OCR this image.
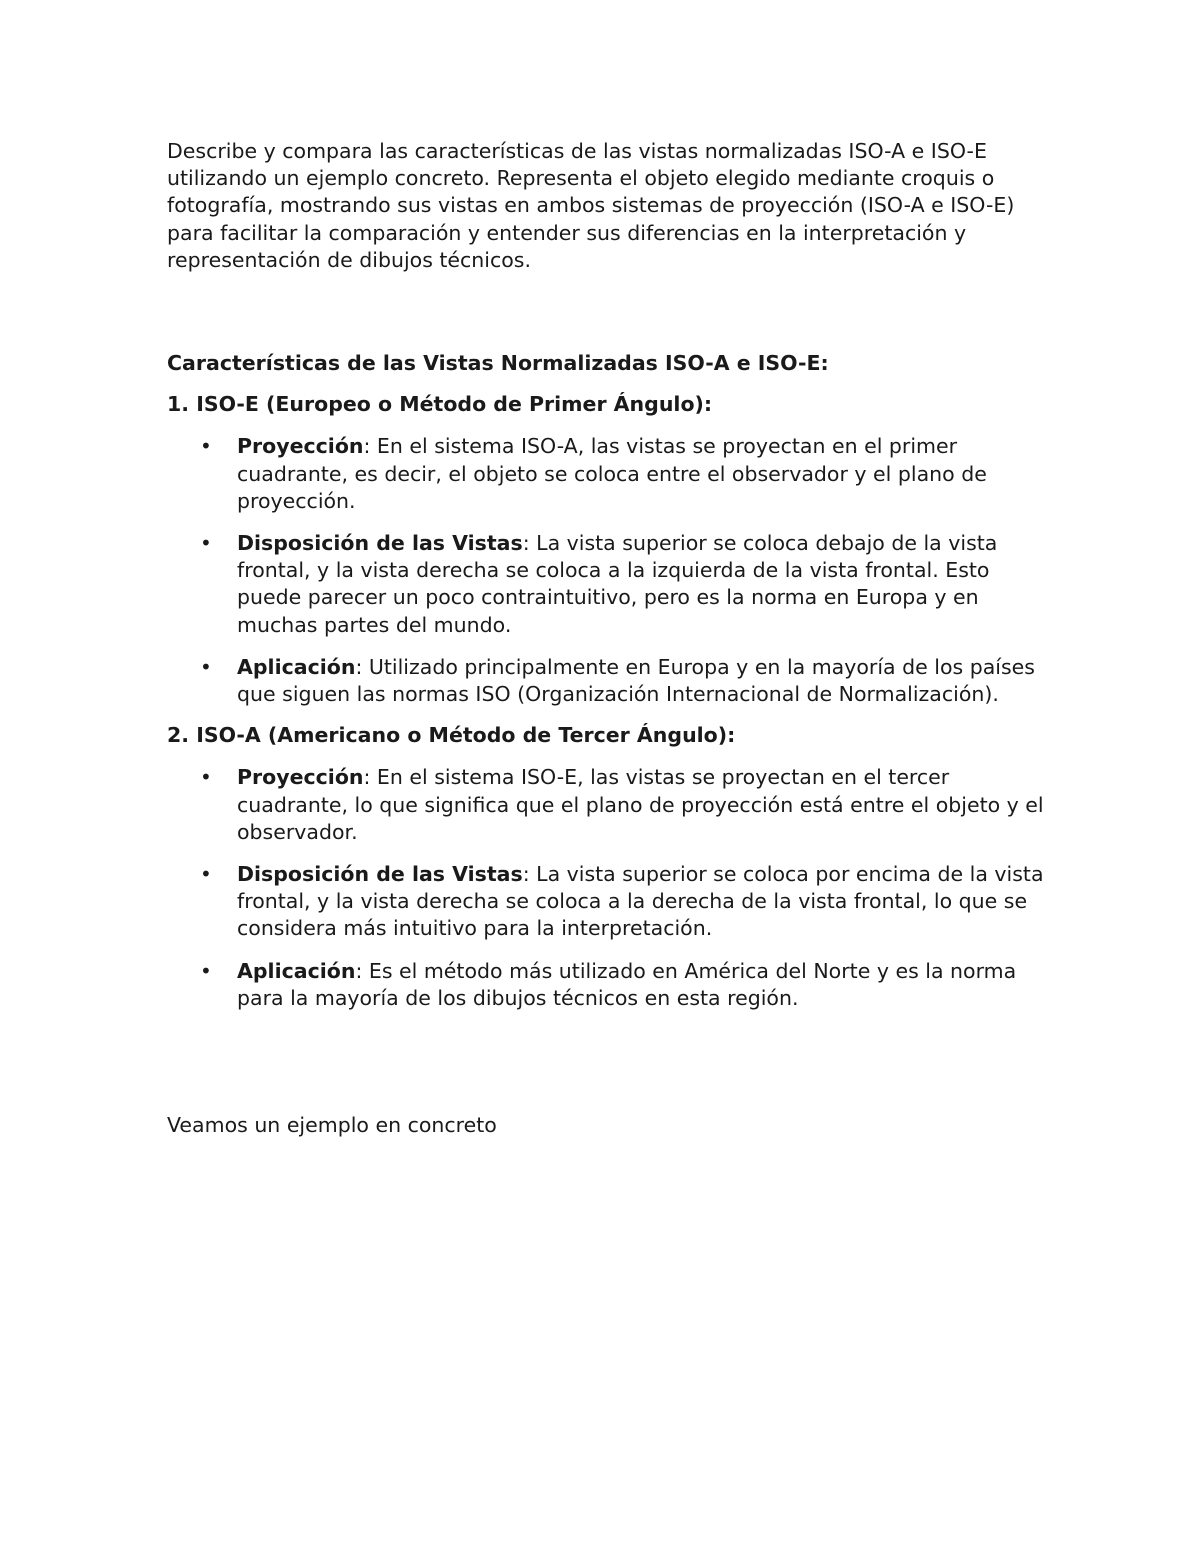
Describe y compara las características de las vistas normalizadas ISO-A e ISO-E utilizando un ejemplo concreto. Representa el objeto elegido mediante croquis o fotografía, mostrando sus vistas en ambos sistemas de proyección (ISO-A e ISO-E) para facilitar la comparación y entender sus diferencias en la interpretación y representación de dibujos técnicos.

Características de las Vistas Normalizadas ISO-A e ISO-E:

1. ISO-E (Europeo o Método de Primer Ángulo):

• Proyección: En el sistema ISO-A, las vistas se proyectan en el primer cuadrante, es decir, el objeto se coloca entre el observador y el plano de proyección.
• Disposición de las Vistas: La vista superior se coloca debajo de la vista frontal, y la vista derecha se coloca a la izquierda de la vista frontal. Esto puede parecer un poco contraintuitivo, pero es la norma en Europa y en muchas partes del mundo.
• Aplicación: Utilizado principalmente en Europa y en la mayoría de los países que siguen las normas ISO (Organización Internacional de Normalización).

2. ISO-A (Americano o Método de Tercer Ángulo):

• Proyección: En el sistema ISO-E, las vistas se proyectan en el tercer cuadrante, lo que significa que el plano de proyección está entre el objeto y el observador.
• Disposición de las Vistas: La vista superior se coloca por encima de la vista frontal, y la vista derecha se coloca a la derecha de la vista frontal, lo que se considera más intuitivo para la interpretación.
• Aplicación: Es el método más utilizado en América del Norte y es la norma para la mayoría de los dibujos técnicos en esta región.

Veamos un ejemplo en concreto
